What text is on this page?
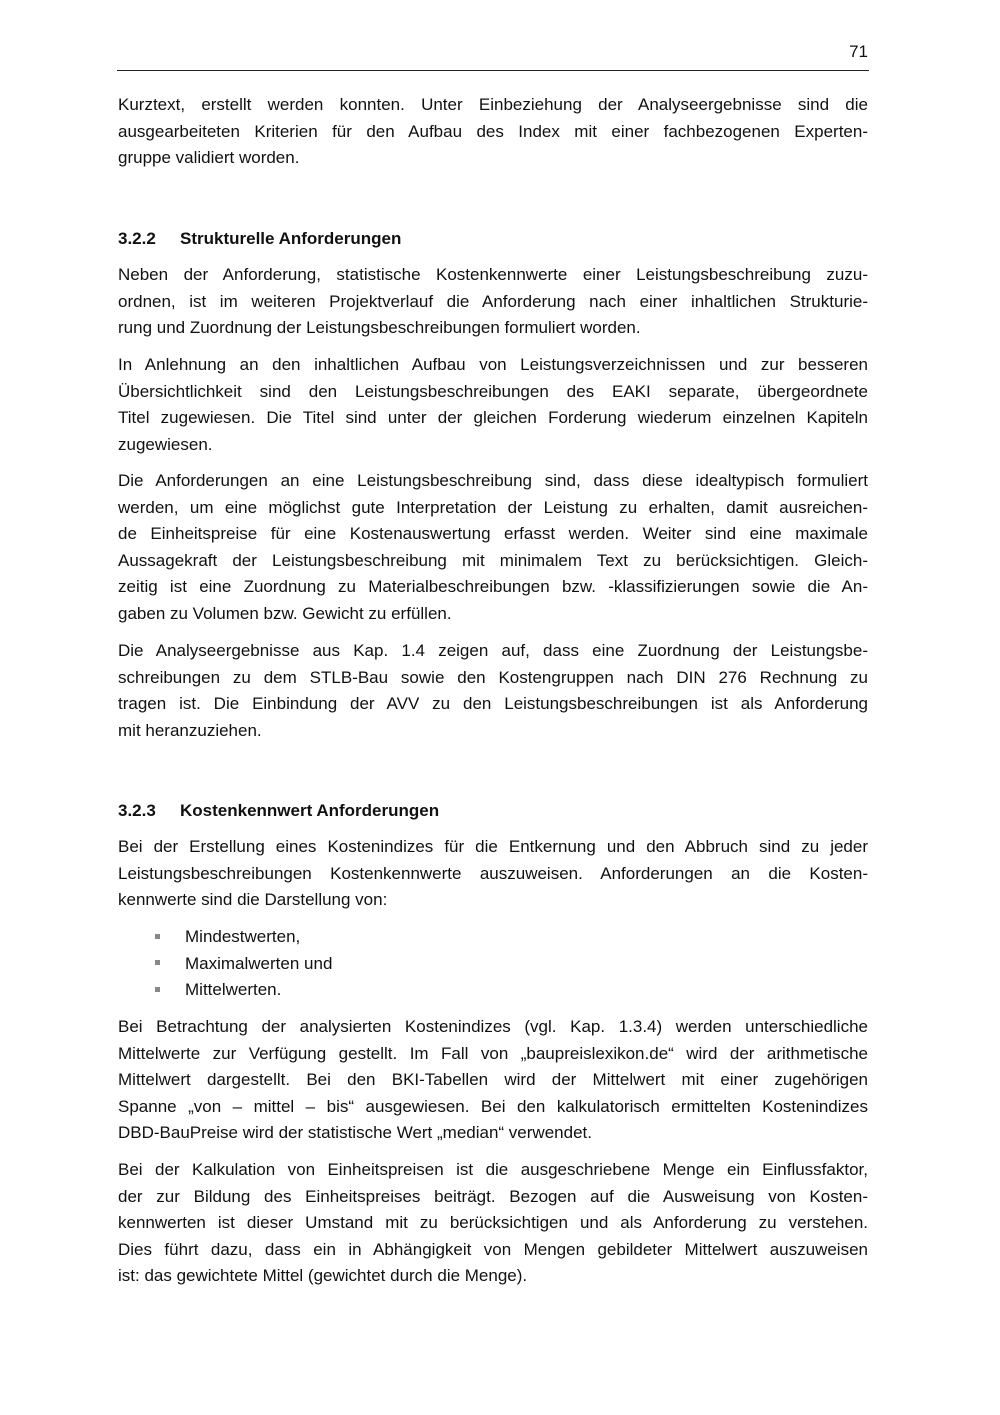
71
Kurztext, erstellt werden konnten. Unter Einbeziehung der Analyseergebnisse sind die
ausgearbeiteten Kriterien für den Aufbau des Index mit einer fachbezogenen Experten-
gruppe validiert worden.
3.2.2 Strukturelle Anforderungen
Neben der Anforderung, statistische Kostenkennwerte einer Leistungsbeschreibung zuzu-
ordnen, ist im weiteren Projektverlauf die Anforderung nach einer inhaltlichen Strukturie-
rung und Zuordnung der Leistungsbeschreibungen formuliert worden.
In Anlehnung an den inhaltlichen Aufbau von Leistungsverzeichnissen und zur besseren
Übersichtlichkeit sind den Leistungsbeschreibungen des EAKI separate, übergeordnete
Titel zugewiesen. Die Titel sind unter der gleichen Forderung wiederum einzelnen Kapiteln
zugewiesen.
Die Anforderungen an eine Leistungsbeschreibung sind, dass diese idealtypisch formuliert
werden, um eine möglichst gute Interpretation der Leistung zu erhalten, damit ausreichen-
de Einheitspreise für eine Kostenauswertung erfasst werden. Weiter sind eine maximale
Aussagekraft der Leistungsbeschreibung mit minimalem Text zu berücksichtigen. Gleich-
zeitig ist eine Zuordnung zu Materialbeschreibungen bzw. -klassifizierungen sowie die An-
gaben zu Volumen bzw. Gewicht zu erfüllen.
Die Analyseergebnisse aus Kap. 1.4 zeigen auf, dass eine Zuordnung der Leistungsbe-
schreibungen zu dem STLB-Bau sowie den Kostengruppen nach DIN 276 Rechnung zu
tragen ist. Die Einbindung der AVV zu den Leistungsbeschreibungen ist als Anforderung
mit heranzuziehen.
3.2.3 Kostenkennwert Anforderungen
Bei der Erstellung eines Kostenindizes für die Entkernung und den Abbruch sind zu jeder
Leistungsbeschreibungen Kostenkennwerte auszuweisen. Anforderungen an die Kosten-
kennwerte sind die Darstellung von:
Mindestwerten,
Maximalwerten und
Mittelwerten.
Bei Betrachtung der analysierten Kostenindizes (vgl. Kap. 1.3.4) werden unterschiedliche
Mittelwerte zur Verfügung gestellt. Im Fall von „baupreislexikon.de“ wird der arithmetische
Mittelwert dargestellt. Bei den BKI-Tabellen wird der Mittelwert mit einer zugehörigen
Spanne „von – mittel – bis“ ausgewiesen. Bei den kalkulatorisch ermittelten Kostenindizes
DBD-BauPreise wird der statistische Wert „median“ verwendet.
Bei der Kalkulation von Einheitspreisen ist die ausgeschriebene Menge ein Einflussfaktor,
der zur Bildung des Einheitspreises beiträgt. Bezogen auf die Ausweisung von Kosten-
kennwerten ist dieser Umstand mit zu berücksichtigen und als Anforderung zu verstehen.
Dies führt dazu, dass ein in Abhängigkeit von Mengen gebildeter Mittelwert auszuweisen
ist: das gewichtete Mittel (gewichtet durch die Menge).
